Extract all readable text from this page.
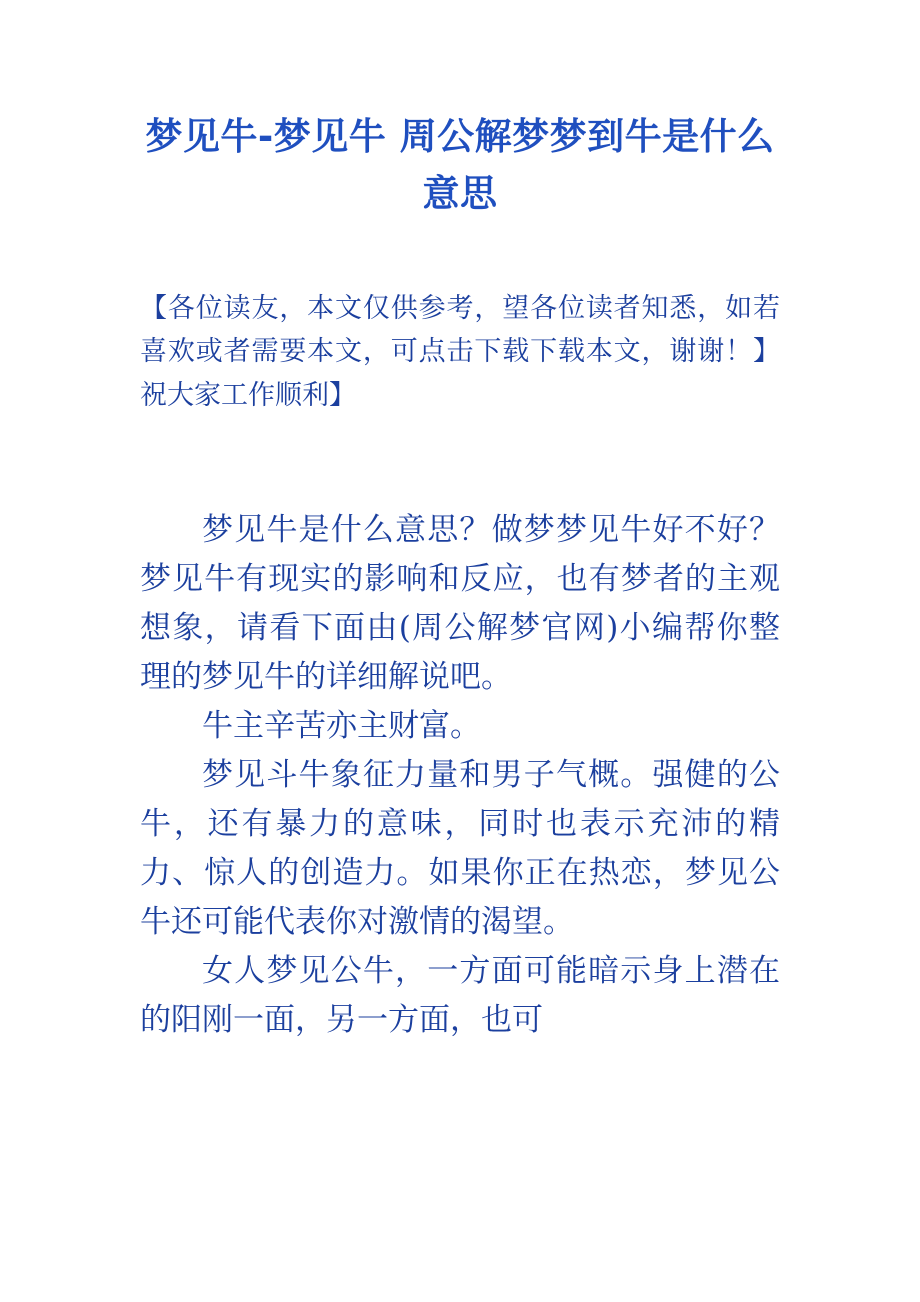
梦见牛-梦见牛 周公解梦梦到牛是什么意思

【各位读友，本文仅供参考，望各位读者知悉，如若喜欢或者需要本文，可点击下载下载本文，谢谢！】祝大家工作顺利】

梦见牛是什么意思？做梦梦见牛好不好？梦见牛有现实的影响和反应，也有梦者的主观想象，请看下面由(周公解梦官网)小编帮你整理的梦见牛的详细解说吧。

牛主辛苦亦主财富。

梦见斗牛象征力量和男子气概。强健的公牛，还有暴力的意味，同时也表示充沛的精力、惊人的创造力。如果你正在热恋，梦见公牛还可能代表你对激情的渴望。

女人梦见公牛，一方面可能暗示身上潜在的阳刚一面，另一方面，也可
